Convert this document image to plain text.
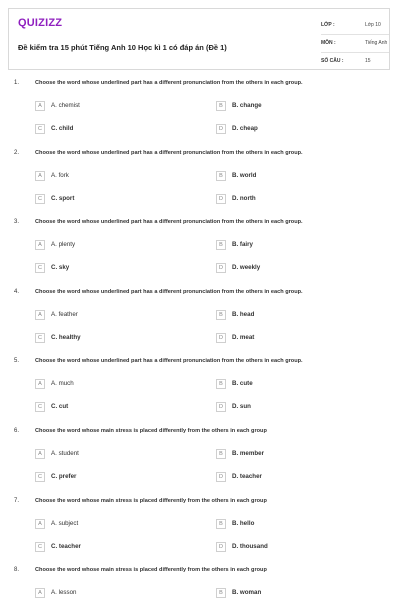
QUIZIZZ
Đề kiểm tra 15 phút Tiếng Anh 10 Học kì 1 có đáp án (Đề 1)
LỚP :	Lớp 10
MÔN :	Tiếng Anh
SỐ CÂU :	15
1.	Choose the word whose underlined part has a different pronunciation from the others in each group.
A	A. chemist	B	B. change
C	C. child	D	D. cheap
2.	Choose the word whose underlined part has a different pronunciation from the others in each group.
A	A. fork	B	B. world
C	C. sport	D	D. north
3.	Choose the word whose underlined part has a different pronunciation from the others in each group.
A	A. plenty	B	B. fairy
C	C. sky	D	D. weekly
4.	Choose the word whose underlined part has a different pronunciation from the others in each group.
A	A. feather	B	B. head
C	C. healthy	D	D. meat
5.	Choose the word whose underlined part has a different pronunciation from the others in each group.
A	A. much	B	B. cute
C	C. cut	D	D. sun
6.	Choose the word whose main stress is placed differently from the others in each group
A	A. student	B	B. member
C	C. prefer	D	D. teacher
7.	Choose the word whose main stress is placed differently from the others in each group
A	A. subject	B	B. hello
C	C. teacher	D	D. thousand
8.	Choose the word whose main stress is placed differently from the others in each group
A	A. lesson	B	B. woman
